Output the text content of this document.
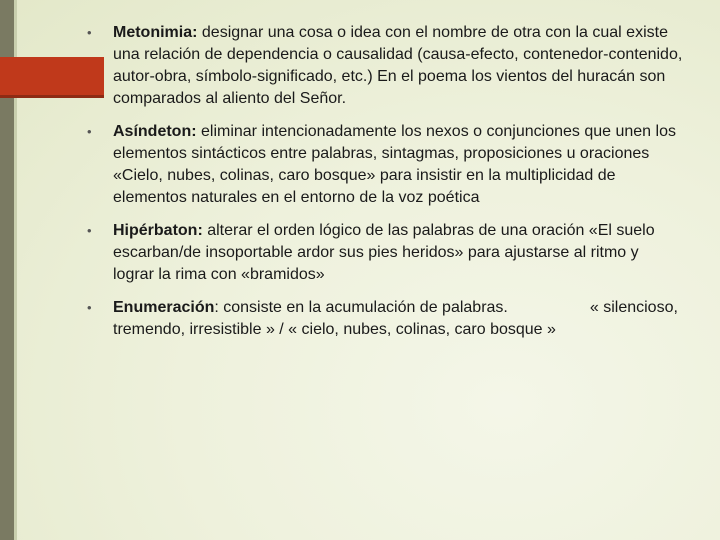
• Metonimia: designar una cosa o idea con el nombre de otra con la cual existe una relación de dependencia o causalidad (causa-efecto, contenedor-contenido, autor-obra, símbolo-significado, etc.) En el poema los vientos del huracán son comparados al aliento del Señor.
• Asíndeton: eliminar intencionadamente los nexos o conjunciones que unen los elementos sintácticos entre palabras, sintagmas, proposiciones u oraciones «Cielo, nubes, colinas, caro bosque» para insistir en la multiplicidad de elementos naturales en el entorno de la voz poética
• Hipérbaton: alterar el orden lógico de las palabras de una oración «El suelo escarban/de insoportable ardor sus pies heridos» para ajustarse al ritmo y lograr la rima con «bramidos»
• Enumeración: consiste en la acumulación de palabras.	« silencioso, tremendo, irresistible » / « cielo, nubes, colinas, caro bosque »
